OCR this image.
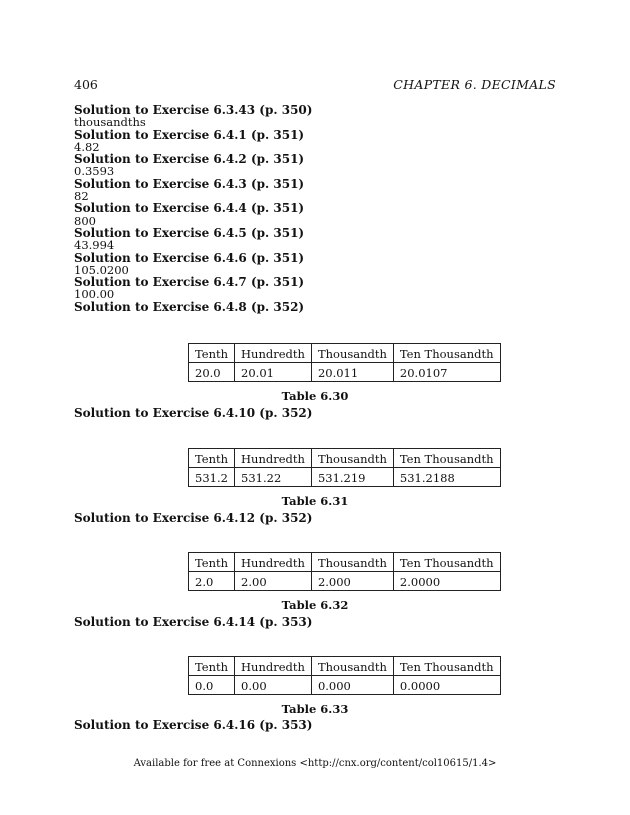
406	CHAPTER 6. DECIMALS
Solution to Exercise 6.3.43 (p. 350)
thousandths
Solution to Exercise 6.4.1 (p. 351)
4.82
Solution to Exercise 6.4.2 (p. 351)
0.3593
Solution to Exercise 6.4.3 (p. 351)
82
Solution to Exercise 6.4.4 (p. 351)
800
Solution to Exercise 6.4.5 (p. 351)
43.994
Solution to Exercise 6.4.6 (p. 351)
105.0200
Solution to Exercise 6.4.7 (p. 351)
100.00
Solution to Exercise 6.4.8 (p. 352)
Tenth	Hundredth	Thousandth	Ten Thousandth
20.0	20.01	20.011	20.0107
Table 6.30
Solution to Exercise 6.4.10 (p. 352)
Tenth	Hundredth	Thousandth	Ten Thousandth
531.2	531.22	531.219	531.2188
Table 6.31
Solution to Exercise 6.4.12 (p. 352)
Tenth	Hundredth	Thousandth	Ten Thousandth
2.0	2.00	2.000	2.0000
Table 6.32
Solution to Exercise 6.4.14 (p. 353)
Tenth	Hundredth	Thousandth	Ten Thousandth
0.0	0.00	0.000	0.0000
Table 6.33
Solution to Exercise 6.4.16 (p. 353)
Available for free at Connexions <http://cnx.org/content/col10615/1.4>
